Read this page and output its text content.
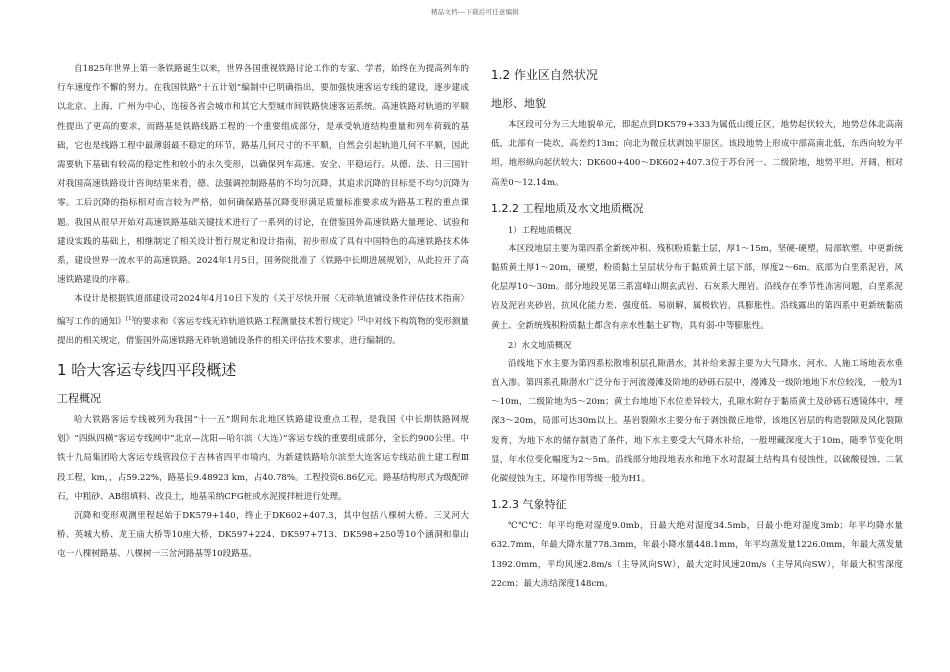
精品文档---下载后可任意编辑

自1825年世界上第一条铁路诞生以来，世界各国重视铁路讨论工作的专家、学者，始终在为提高列车的行车速度作不懈的努力。在我国铁路“十五计划”编制中已明确指出，要加强快速客运专线的建设，逐步建成以北京、上海、广州为中心，连接各省会城市和其它大型城市间铁路快速客运系统。高速铁路对轨道的平顺性提出了更高的要求，而路基是铁路线路工程的一个重要组成部分，是承受轨道结构重量和列车荷载的基础，它也是线路工程中最薄弱最不稳定的环节，路基几何尺寸的不平顺，自然会引起轨道几何不平顺，因此需要轨下基础有较高的稳定性和较小的永久变形，以确保列车高速、安全、平稳运行。从德、法、日三国针对我国高速铁路设计咨询结果来看，德、法强调控制路基的不均匀沉降，其追求沉降的目标是不均匀沉降为零。工后沉降的指标相对而言较为严格，如何确保路基沉降变形满足质量标准要求成为路基工程的重点课题。我国从很早开始对高速铁路基础关键技术进行了一系列的讨论，在借鉴国外高速铁路大量理论、试验和建设实践的基础上，相继制定了相关设计暂行规定和设计指南，初步形成了具有中国特色的高速铁路技术体系，建设世界一流水平的高速铁路。2024年1月5日，国务院批准了《铁路中长期进展规划》，从此拉开了高速铁路建设的序幕。

本设计是根据铁道部建设司2024年4月10日下发的《关于尽快开展〈无砟轨道铺设条件评估技术指南〉编写工作的通知》[1]的要求和《客运专线无砟轨道铁路工程测量技术暂行规定》[2]中对线下构筑物的变形测量提出的相关规定，借鉴国外高速铁路无砟轨道铺设条件的相关评估技术要求，进行编制的。

1 哈大客运专线四平段概述
工程概况

哈大铁路客运专线被列为我国“十一五”期间东北地区铁路建设重点工程，是我国《中长期铁路网规划》“四纵四横”客运专线网中“北京—沈阳—哈尔滨（大连）”客运专线的重要组成部分，全长约900公里。中铁十九局集团哈大客运专线管段位于吉林省四平市境内，为新建铁路哈尔滨至大连客运专线站前土建工程Ⅲ段工程，km，，占59.22%，路基长9.48923 km，占40.78%。工程投资6.86亿元。路基结构形式为级配碎石，中粗砂、AB组填料、改良土，地基采纳CFG桩或水泥搅拌桩进行处理。

沉降和变形观测里程起始于DK579+140，终止于DK602+407.3，其中包括八棵树大桥、三叉河大桥、英城大桥、龙王庙大桥等10座大桥，DK597+224、DK597+713、DK598+250等10个涵洞和靠山屯一八棵树路基、八棵树一三岔河路基等10段路基。

1.2 作业区自然状况
地形、地貌

本区段可分为三大地貌单元，即起点到DK579+333为属低山缓丘区，地势起伏较大，地势总体北高南低，北部有一陡坎，高差约13m；向北为微丘状剥蚀平原区。该段地势上形成中部高南北低，东西向较为平坦，地形纵向起伏较大；DK600+400～DK602+407.3位于苏台河一、二级阶地，地势平坦、开阔，相对高差0～12.14m。

1.2.2 工程地质及水文地质概况

1）工程地质概况

本区段地层主要为第四系全新统冲积、残积粉质黏土层，厚1～15m，坚硬-硬塑，局部软塑。中更新统黏质黄土厚1～20m，硬塑，粉质黏土呈层状分布于黏质黄土层下部，厚度2～6m。底部为白垩系泥岩，风化层厚10～30m。部分地段见第三系富峰山期玄武岩、石灰系大理岩。沿线存在季节性冻害问题，白垩系泥岩及泥岩夹砂岩，抗风化能力差、强度低、易崩解，属极软岩，具膨胀性。沿线露出的第四系中更新统黏质黄土、全新统残积粉质黏土都含有亲水性黏土矿物，具有弱-中等膨胀性。

2）水文地质概况

沿线地下水主要为第四系松散堆积层孔隙潜水，其补给来源主要为大气降水、河水、人施工场地表水垂直入渗。第四系孔隙潜水广泛分布于河流漫滩及阶地的砂砾石层中，漫滩及一级阶地地下水位较浅，一般为1～10m，二级阶地为5～20m；黄土台地地下水位差异较大，孔隙水附存于黏质黄土及砂砾石透镜体中，埋深3～20m，局部可达30m以上。基岩裂隙水主要分布于剥蚀微丘地带，该地区岩层的构造裂隙及风化裂隙发育，为地下水的储存制造了条件，地下水主要受大气降水补给，一般埋藏深度大于10m，随季节变化明显，年水位变化幅度为2～5m。沿线部分地段地表水和地下水对混凝土结构具有侵蚀性，以硫酸侵蚀、二氧化碳侵蚀为主，环境作用等级一般为H1。

1.2.3 气象特征

℃℃℃：年平均绝对湿度9.0mb，日最大绝对湿度34.5mb，日最小绝对湿度3mb；年平均降水量632.7mm，年最大降水量778.3mm，年最小降水量448.1mm，年平均蒸发量1226.0mm，年最大蒸发量1392.0mm，平均风速2.8m/s（主导风向SW），最大定时风速20m/s（主导风向SW），年最大积雪深度22cm；最大冻结深度148cm。
